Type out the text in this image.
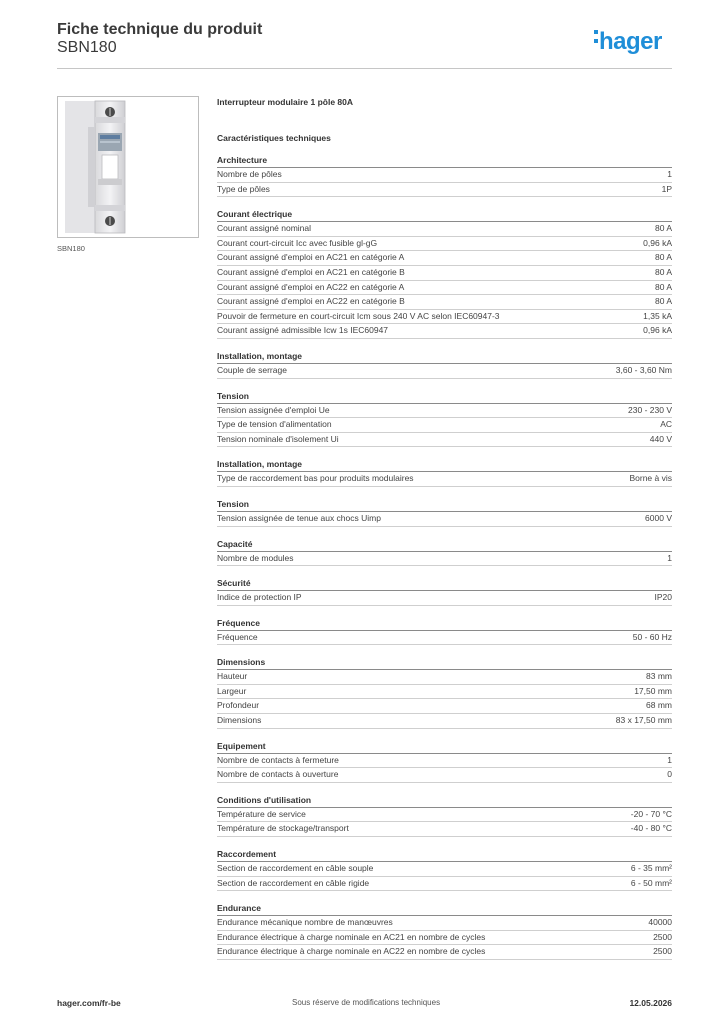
Fiche technique du produit
SBN180	hager
SBN180
Interrupteur modulaire 1 pôle 80A
Caractéristiques techniques
Architecture
Nombre de pôles	1
Type de pôles	1P
Courant électrique
Courant assigné nominal	80 A
Courant court-circuit Icc avec fusible gl-gG	0,96 kA
Courant assigné d'emploi en AC21 en catégorie A	80 A
Courant assigné d'emploi en AC21 en catégorie B	80 A
Courant assigné d'emploi en AC22 en catégorie A	80 A
Courant assigné d'emploi en AC22 en catégorie B	80 A
Pouvoir de fermeture en court-circuit Icm sous 240 V AC selon IEC60947-3	1,35 kA
Courant assigné admissible Icw 1s IEC60947	0,96 kA
Installation, montage
Couple de serrage	3,60 - 3,60 Nm
Tension
Tension assignée d'emploi Ue	230 - 230 V
Type de tension d'alimentation	AC
Tension nominale d'isolement Ui	440 V
Installation, montage
Type de raccordement bas pour produits modulaires	Borne à vis
Tension
Tension assignée de tenue aux chocs Uimp	6000 V
Capacité
Nombre de modules	1
Sécurité
Indice de protection IP	IP20
Fréquence
Fréquence	50 - 60 Hz
Dimensions
Hauteur	83 mm
Largeur	17,50 mm
Profondeur	68 mm
Dimensions	83 x 17,50 mm
Equipement
Nombre de contacts à fermeture	1
Nombre de contacts à ouverture	0
Conditions d'utilisation
Température de service	-20 - 70 °C
Température de stockage/transport	-40 - 80 °C
Raccordement
Section de raccordement en câble souple	6 - 35 mm²
Section de raccordement en câble rigide	6 - 50 mm²
Endurance
Endurance mécanique nombre de manœuvres	40000
Endurance électrique à charge nominale en AC21 en nombre de cycles	2500
Endurance électrique à charge nominale en AC22 en nombre de cycles	2500
hager.com/fr-be	Sous réserve de modifications techniques	12.05.2026
